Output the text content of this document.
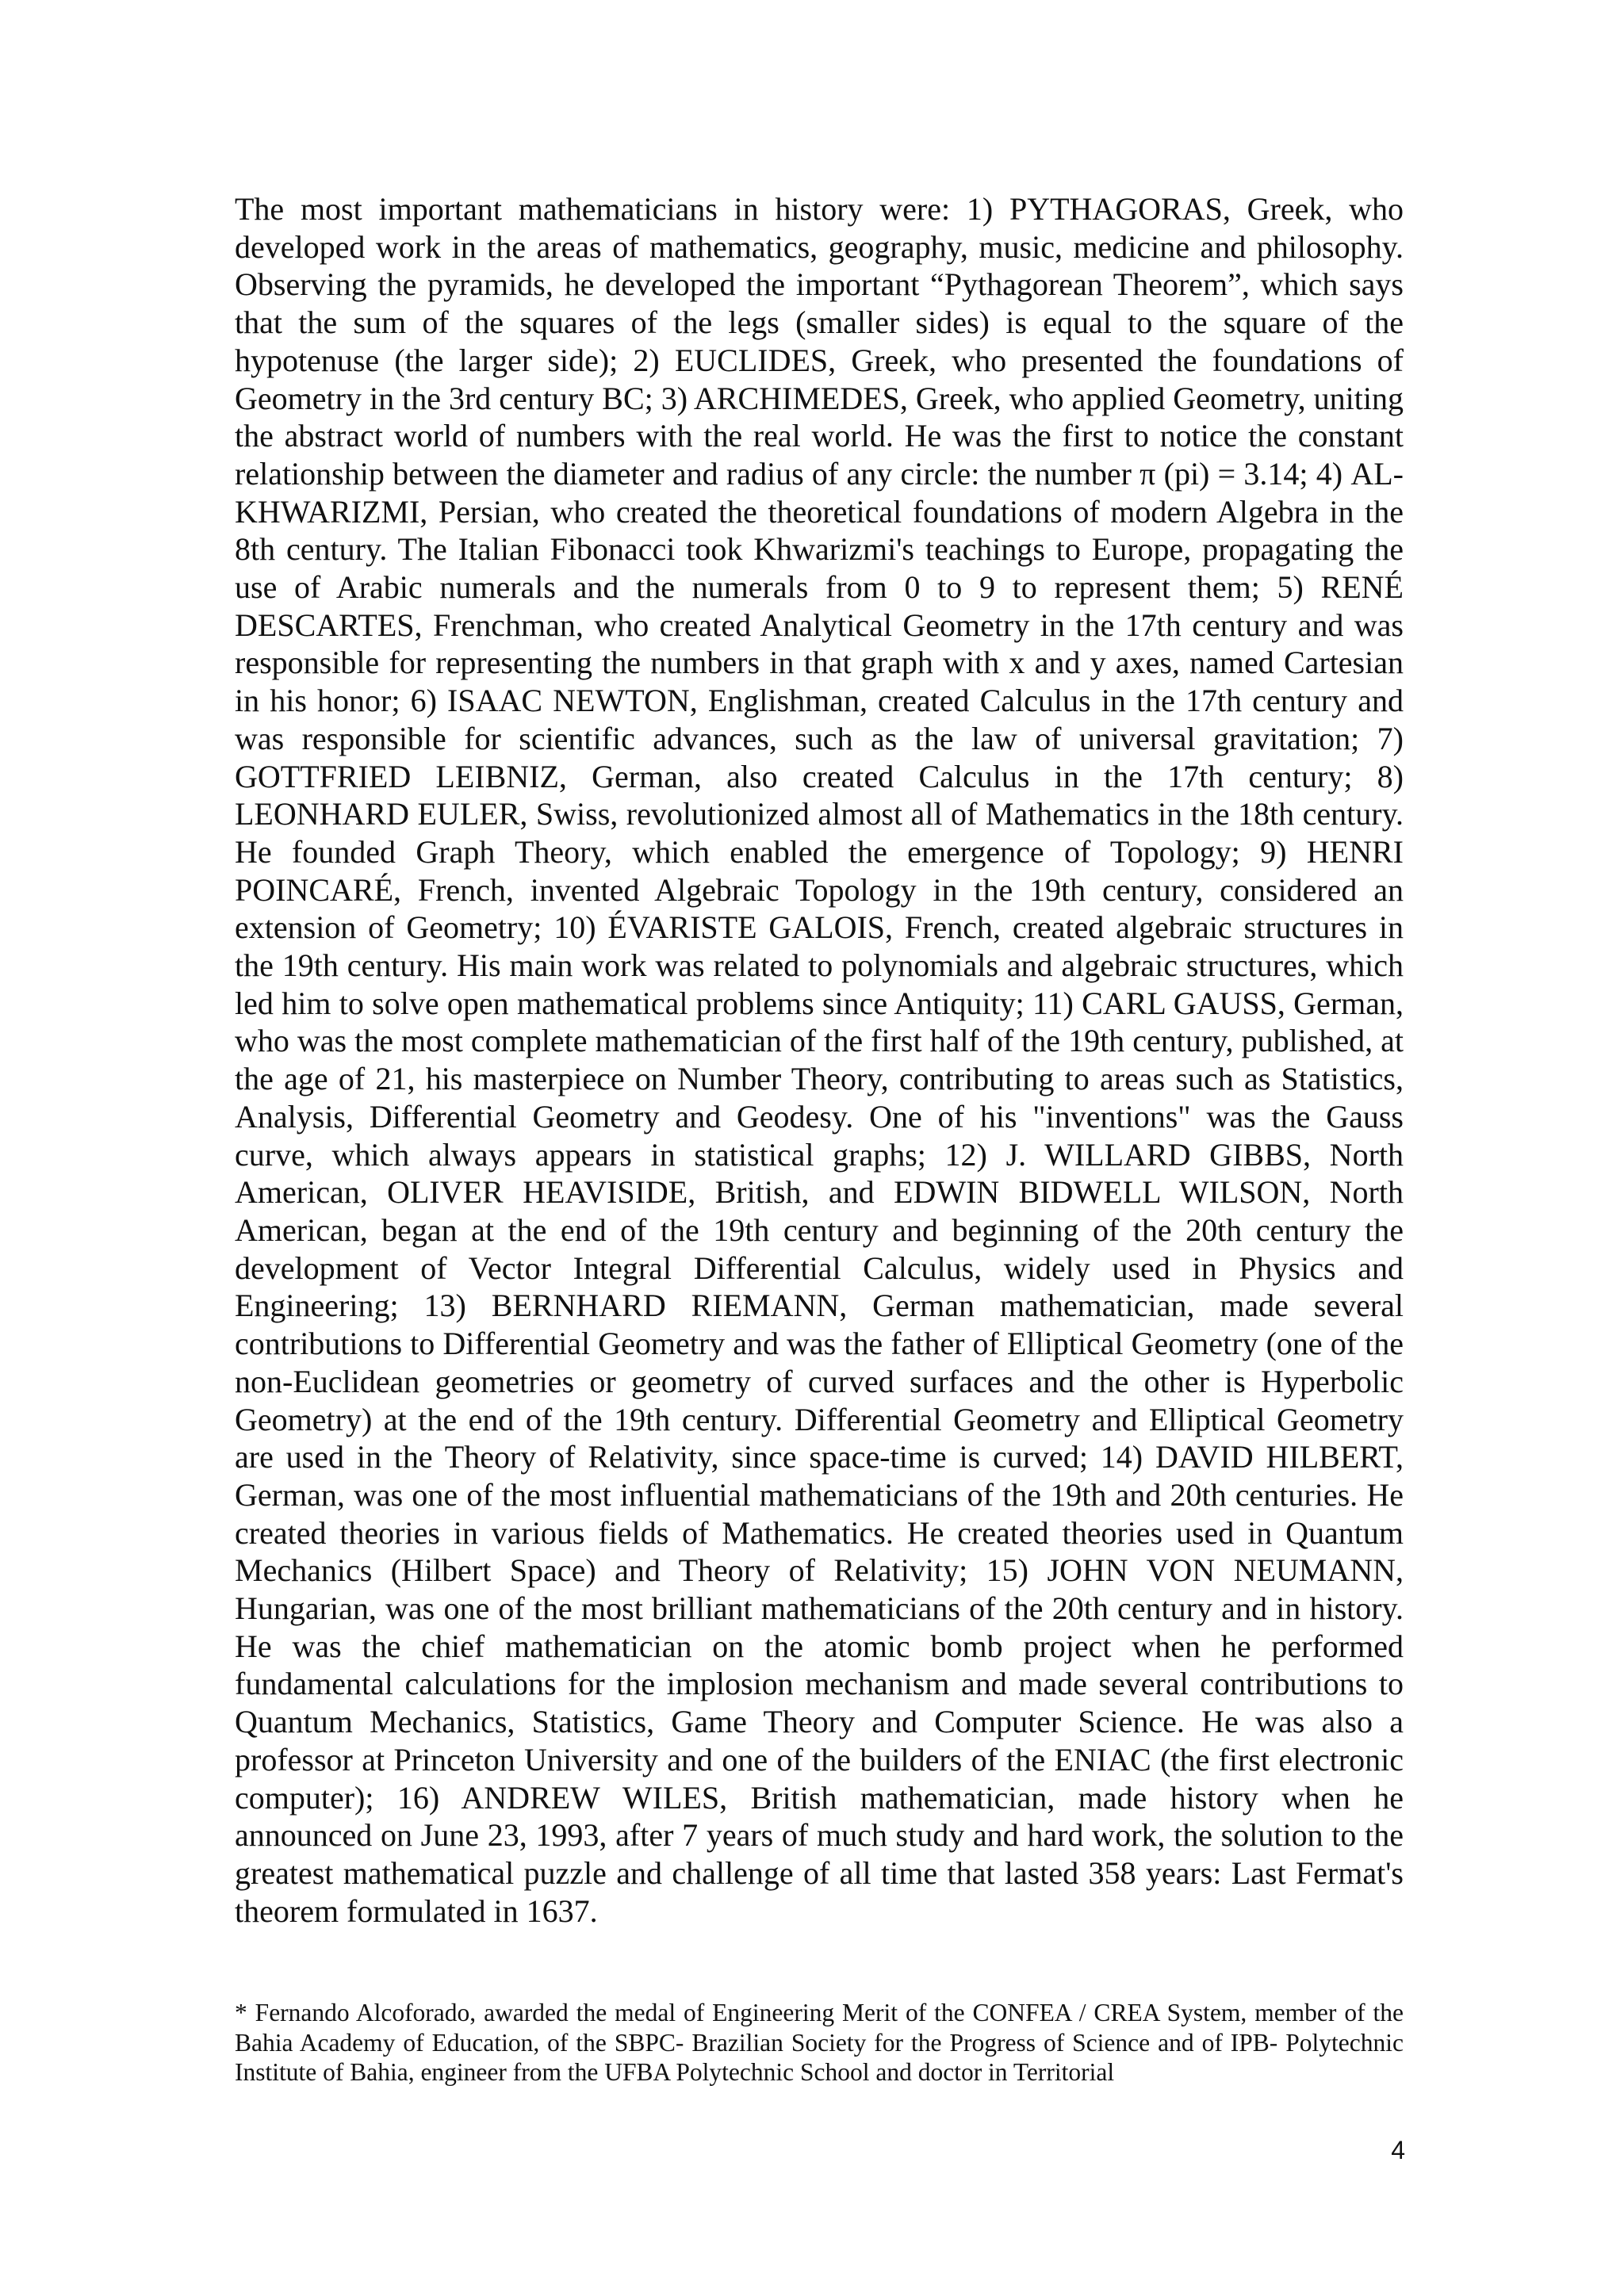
The most important mathematicians in history were: 1) PYTHAGORAS, Greek, who developed work in the areas of mathematics, geography, music, medicine and philosophy. Observing the pyramids, he developed the important “Pythagorean Theorem”, which says that the sum of the squares of the legs (smaller sides) is equal to the square of the hypotenuse (the larger side); 2) EUCLIDES, Greek, who presented the foundations of Geometry in the 3rd century BC; 3) ARCHIMEDES, Greek, who applied Geometry, uniting the abstract world of numbers with the real world. He was the first to notice the constant relationship between the diameter and radius of any circle: the number π (pi) = 3.14; 4) AL-KHWARIZMI, Persian, who created the theoretical foundations of modern Algebra in the 8th century. The Italian Fibonacci took Khwarizmi's teachings to Europe, propagating the use of Arabic numerals and the numerals from 0 to 9 to represent them; 5) RENÉ DESCARTES, Frenchman, who created Analytical Geometry in the 17th century and was responsible for representing the numbers in that graph with x and y axes, named Cartesian in his honor; 6) ISAAC NEWTON, Englishman, created Calculus in the 17th century and was responsible for scientific advances, such as the law of universal gravitation; 7) GOTTFRIED LEIBNIZ, German, also created Calculus in the 17th century; 8) LEONHARD EULER, Swiss, revolutionized almost all of Mathematics in the 18th century. He founded Graph Theory, which enabled the emergence of Topology; 9) HENRI POINCARÉ, French, invented Algebraic Topology in the 19th century, considered an extension of Geometry; 10) ÉVARISTE GALOIS, French, created algebraic structures in the 19th century. His main work was related to polynomials and algebraic structures, which led him to solve open mathematical problems since Antiquity; 11) CARL GAUSS, German, who was the most complete mathematician of the first half of the 19th century, published, at the age of 21, his masterpiece on Number Theory, contributing to areas such as Statistics, Analysis, Differential Geometry and Geodesy. One of his "inventions" was the Gauss curve, which always appears in statistical graphs; 12) J. WILLARD GIBBS, North American, OLIVER HEAVISIDE, British, and EDWIN BIDWELL WILSON, North American, began at the end of the 19th century and beginning of the 20th century the development of Vector Integral Differential Calculus, widely used in Physics and Engineering; 13) BERNHARD RIEMANN, German mathematician, made several contributions to Differential Geometry and was the father of Elliptical Geometry (one of the non-Euclidean geometries or geometry of curved surfaces and the other is Hyperbolic Geometry) at the end of the 19th century. Differential Geometry and Elliptical Geometry are used in the Theory of Relativity, since space-time is curved; 14) DAVID HILBERT, German, was one of the most influential mathematicians of the 19th and 20th centuries. He created theories in various fields of Mathematics. He created theories used in Quantum Mechanics (Hilbert Space) and Theory of Relativity; 15) JOHN VON NEUMANN, Hungarian, was one of the most brilliant mathematicians of the 20th century and in history. He was the chief mathematician on the atomic bomb project when he performed fundamental calculations for the implosion mechanism and made several contributions to Quantum Mechanics, Statistics, Game Theory and Computer Science. He was also a professor at Princeton University and one of the builders of the ENIAC (the first electronic computer); 16) ANDREW WILES, British mathematician, made history when he announced on June 23, 1993, after 7 years of much study and hard work, the solution to the greatest mathematical puzzle and challenge of all time that lasted 358 years: Last Fermat's theorem formulated in 1637.

* Fernando Alcoforado, awarded the medal of Engineering Merit of the CONFEA / CREA System, member of the Bahia Academy of Education, of the SBPC- Brazilian Society for the Progress of Science and of IPB- Polytechnic Institute of Bahia, engineer from the UFBA Polytechnic School and doctor in Territorial

4
